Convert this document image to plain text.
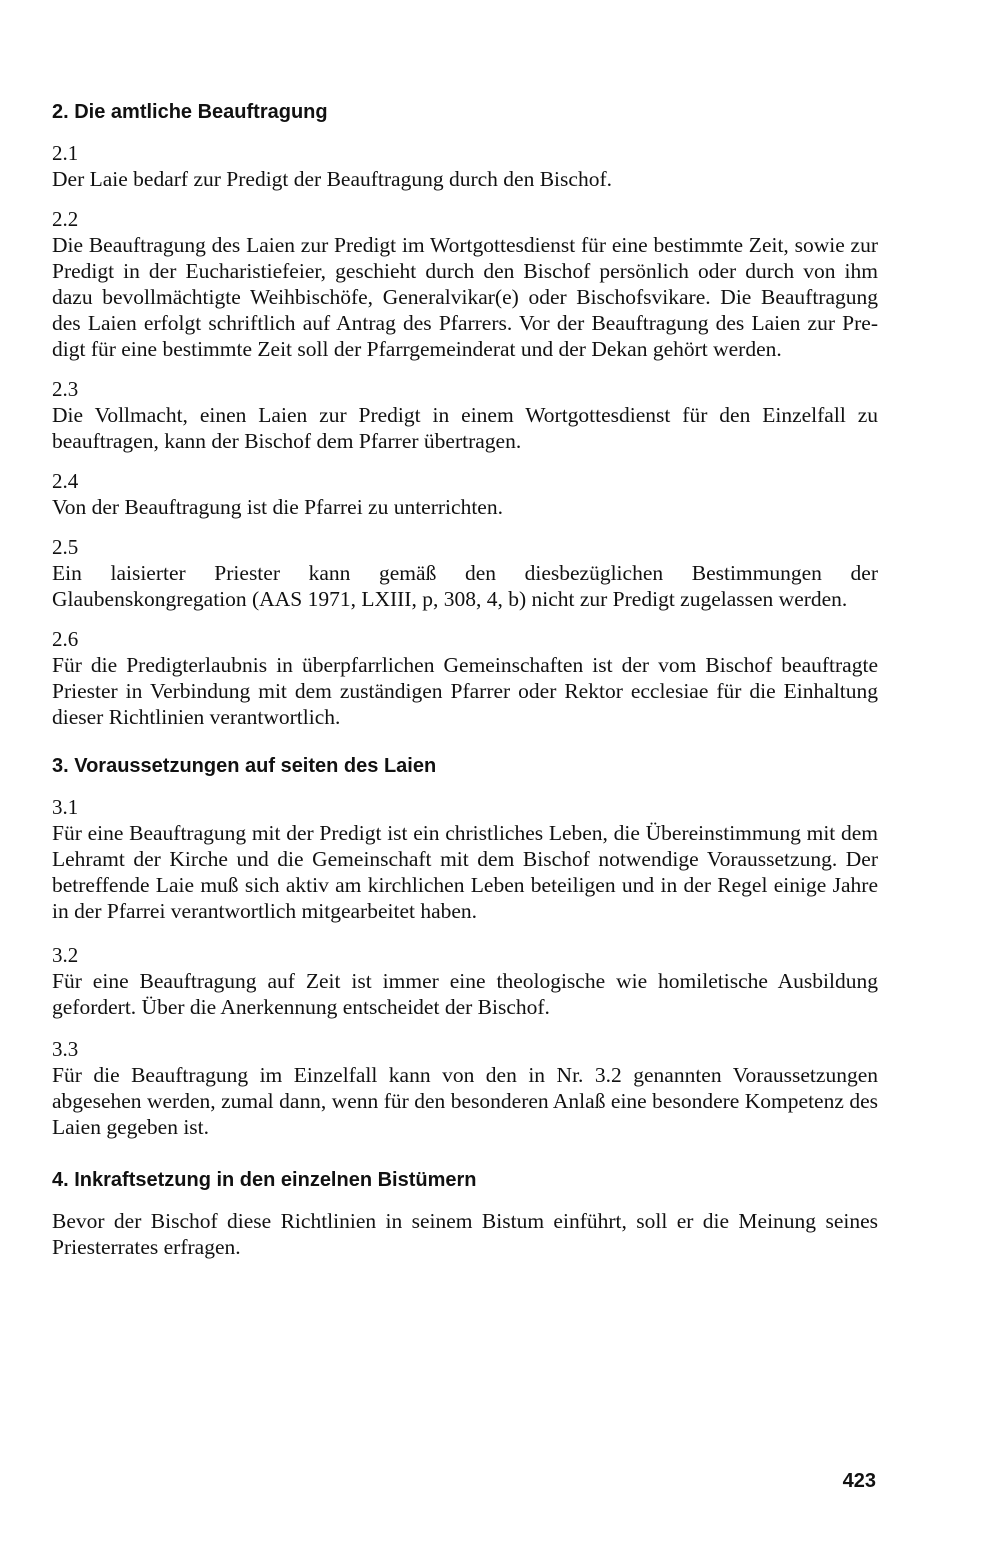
2. Die amtliche Beauftragung

2.1

Der Laie bedarf zur Predigt der Beauftragung durch den Bischof.

2.2

Die Beauftragung des Laien zur Predigt im Wortgottesdienst für eine bestimmte Zeit, sowie zur Predigt in der Eucharistiefeier, geschieht durch den Bischof persönlich oder durch von ihm dazu bevollmächtigte Weihbischöfe, Generalvikar(e) oder Bischofsvikare. Die Beauftragung des Laien erfolgt schriftlich auf Antrag des Pfarrers. Vor der Beauftragung des Laien zur Predigt für eine bestimmte Zeit soll der Pfarrgemeinderat und der Dekan gehört werden.

2.3

Die Vollmacht, einen Laien zur Predigt in einem Wortgottesdienst für den Einzelfall zu beauftragen, kann der Bischof dem Pfarrer übertragen.

2.4

Von der Beauftragung ist die Pfarrei zu unterrichten.

2.5

Ein laisierter Priester kann gemäß den diesbezüglichen Bestimmungen der Glaubenskongregation (AAS 1971, LXIII, p, 308, 4, b) nicht zur Predigt zugelassen werden.

2.6

Für die Predigterlaubnis in überpfarrlichen Gemeinschaften ist der vom Bischof beauftragte Priester in Verbindung mit dem zuständigen Pfarrer oder Rektor ecclesiae für die Einhaltung dieser Richtlinien verantwortlich.

3. Voraussetzungen auf seiten des Laien

3.1

Für eine Beauftragung mit der Predigt ist ein christliches Leben, die Übereinstimmung mit dem Lehramt der Kirche und die Gemeinschaft mit dem Bischof notwendige Voraussetzung. Der betreffende Laie muß sich aktiv am kirchlichen Leben beteiligen und in der Regel einige Jahre in der Pfarrei verantwortlich mitgearbeitet haben.

3.2

Für eine Beauftragung auf Zeit ist immer eine theologische wie homiletische Ausbildung gefordert. Über die Anerkennung entscheidet der Bischof.

3.3

Für die Beauftragung im Einzelfall kann von den in Nr. 3.2 genannten Voraussetzungen abgesehen werden, zumal dann, wenn für den besonderen Anlaß eine besondere Kompetenz des Laien gegeben ist.

4. Inkraftsetzung in den einzelnen Bistümern

Bevor der Bischof diese Richtlinien in seinem Bistum einführt, soll er die Meinung seines Priesterrates erfragen.

423
